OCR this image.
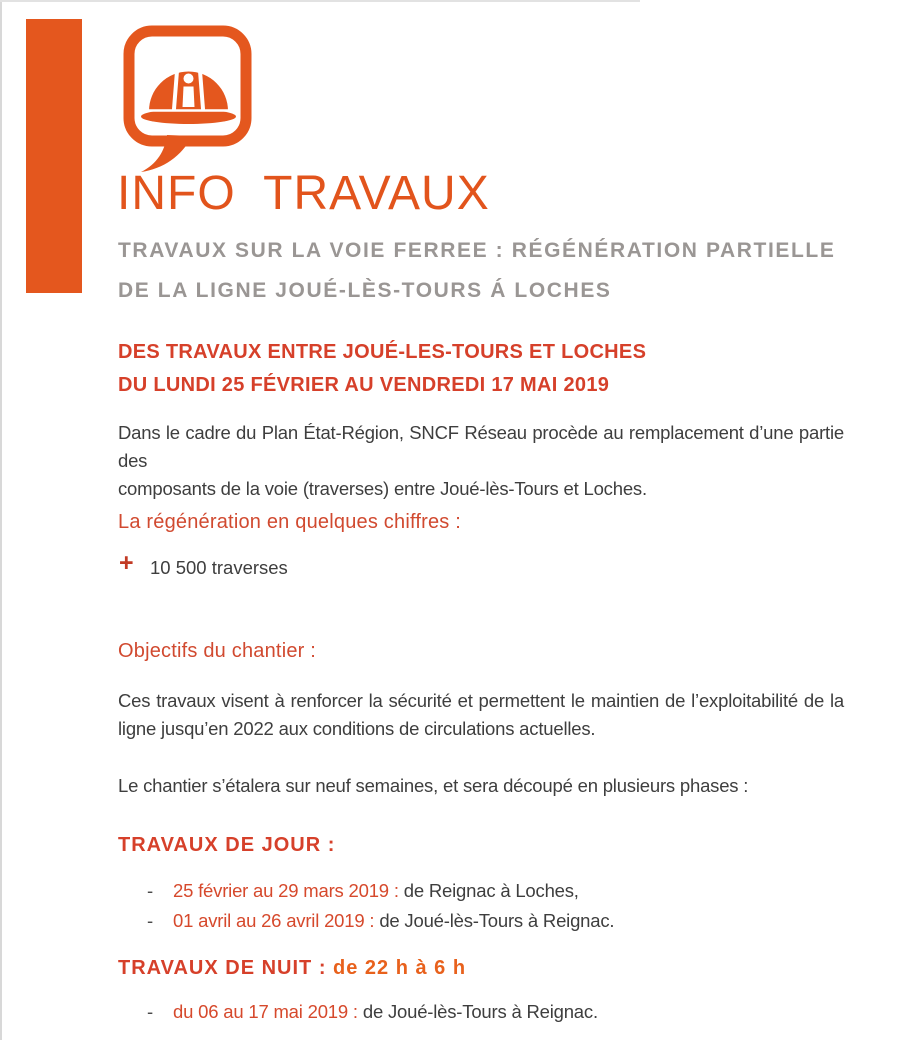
INFO TRAVAUX
TRAVAUX SUR LA VOIE FERREE : RÉGÉNÉRATION PARTIELLE
DE LA LIGNE JOUÉ-LÈS-TOURS Á LOCHES
DES TRAVAUX ENTRE JOUÉ-LES-TOURS ET LOCHES
DU LUNDI 25 FÉVRIER AU VENDREDI 17 MAI 2019
Dans le cadre du Plan État-Région, SNCF Réseau procède au remplacement d’une partie des
composants de la voie (traverses) entre Joué-lès-Tours et Loches.
La régénération en quelques chiffres :
+ 10 500 traverses
Objectifs du chantier :
Ces travaux visent à renforcer la sécurité et permettent le maintien de l’exploitabilité de la
ligne jusqu’en 2022 aux conditions de circulations actuelles.
Le chantier s’étalera sur neuf semaines, et sera découpé en plusieurs phases :
TRAVAUX DE JOUR :
- 25 février au 29 mars 2019 : de Reignac à Loches,
- 01 avril au 26 avril 2019 : de Joué-lès-Tours à Reignac.
TRAVAUX DE NUIT : de 22 h à 6 h
- du 06 au 17 mai 2019 : de Joué-lès-Tours à Reignac.
